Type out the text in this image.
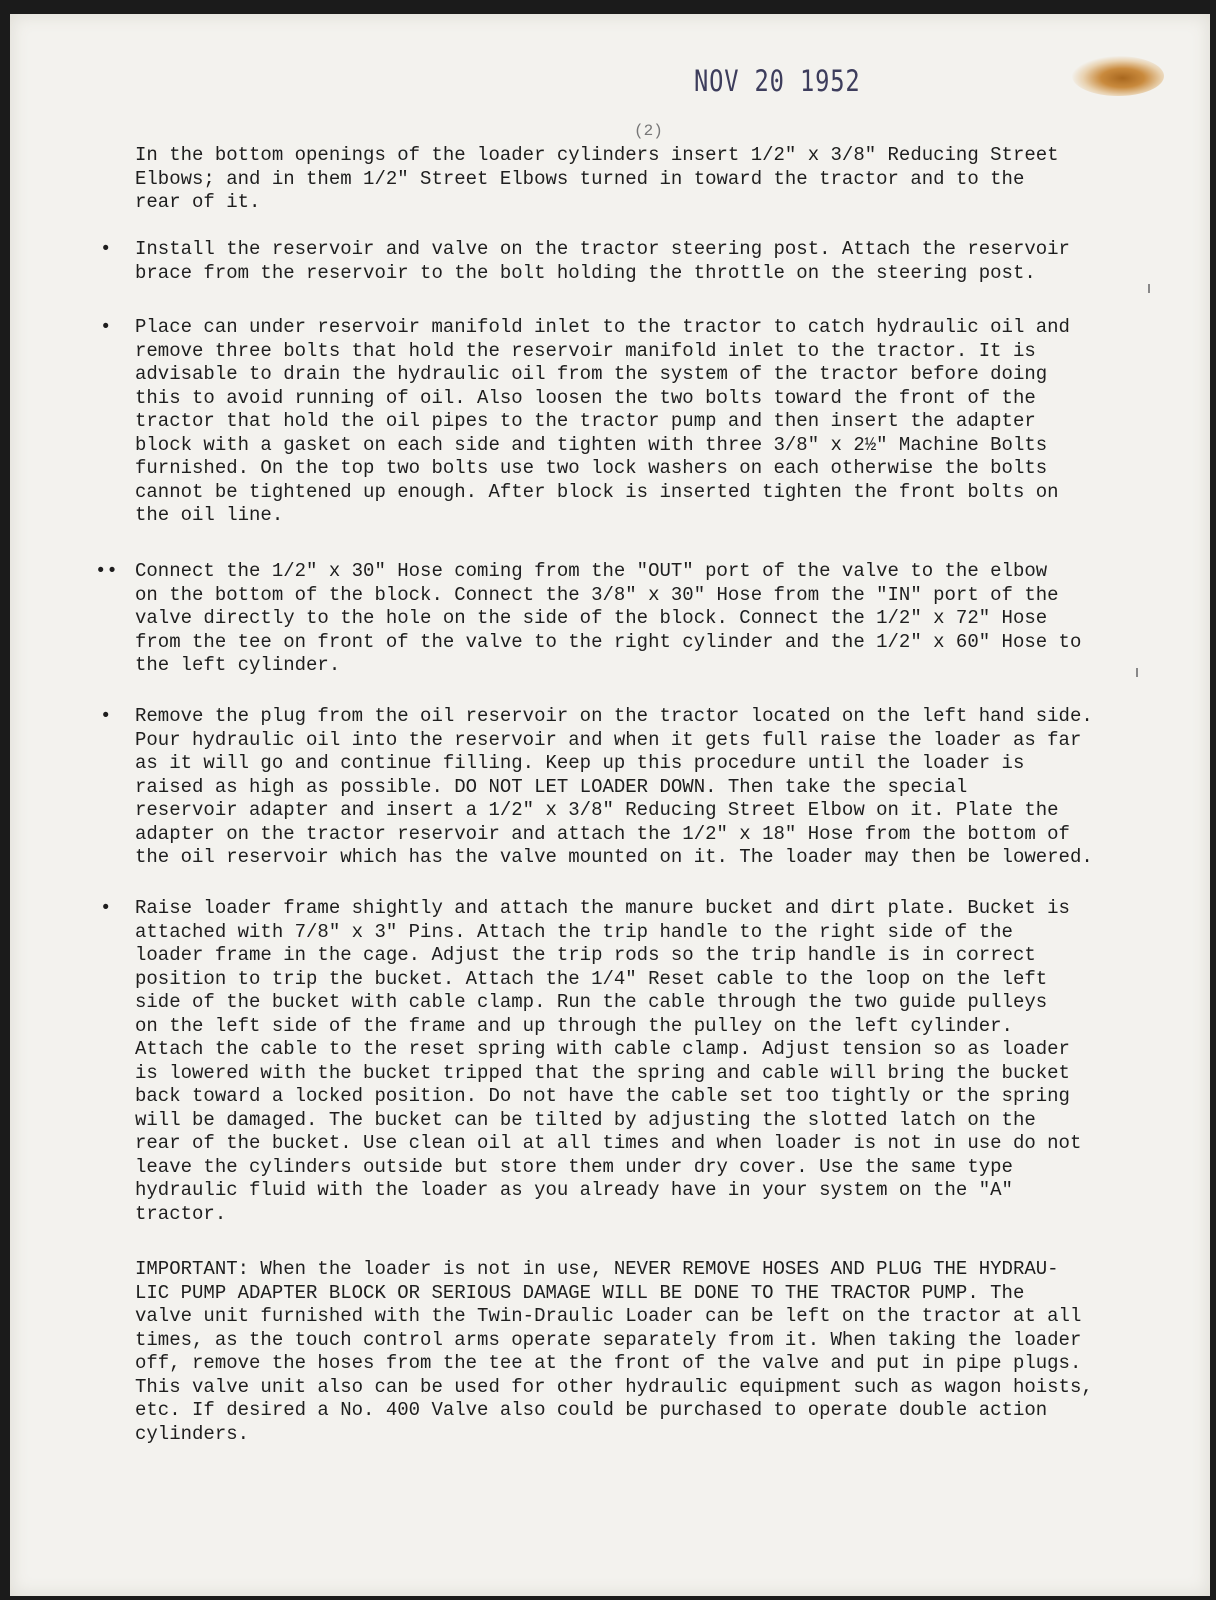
NOV 20 1952
(2)
In the bottom openings of the loader cylinders insert 1/2" x 3/8" Reducing Street
Elbows; and in them 1/2" Street Elbows turned in toward the tractor and to the
rear of it.
• Install the reservoir and valve on the tractor steering post. Attach the reservoir
brace from the reservoir to the bolt holding the throttle on the steering post.
• Place can under reservoir manifold inlet to the tractor to catch hydraulic oil and
remove three bolts that hold the reservoir manifold inlet to the tractor. It is
advisable to drain the hydraulic oil from the system of the tractor before doing
this to avoid running of oil. Also loosen the two bolts toward the front of the
tractor that hold the oil pipes to the tractor pump and then insert the adapter
block with a gasket on each side and tighten with three 3/8" x 2½" Machine Bolts
furnished. On the top two bolts use two lock washers on each otherwise the bolts
cannot be tightened up enough. After block is inserted tighten the front bolts on
the oil line.
•• Connect the 1/2" x 30" Hose coming from the "OUT" port of the valve to the elbow
on the bottom of the block. Connect the 3/8" x 30" Hose from the "IN" port of the
valve directly to the hole on the side of the block. Connect the 1/2" x 72" Hose
from the tee on front of the valve to the right cylinder and the 1/2" x 60" Hose to
the left cylinder.
• Remove the plug from the oil reservoir on the tractor located on the left hand side.
Pour hydraulic oil into the reservoir and when it gets full raise the loader as far
as it will go and continue filling. Keep up this procedure until the loader is
raised as high as possible. DO NOT LET LOADER DOWN. Then take the special
reservoir adapter and insert a 1/2" x 3/8" Reducing Street Elbow on it. Plate the
adapter on the tractor reservoir and attach the 1/2" x 18" Hose from the bottom of
the oil reservoir which has the valve mounted on it. The loader may then be lowered.
• Raise loader frame shightly and attach the manure bucket and dirt plate. Bucket is
attached with 7/8" x 3" Pins. Attach the trip handle to the right side of the
loader frame in the cage. Adjust the trip rods so the trip handle is in correct
position to trip the bucket. Attach the 1/4" Reset cable to the loop on the left
side of the bucket with cable clamp. Run the cable through the two guide pulleys
on the left side of the frame and up through the pulley on the left cylinder.
Attach the cable to the reset spring with cable clamp. Adjust tension so as loader
is lowered with the bucket tripped that the spring and cable will bring the bucket
back toward a locked position. Do not have the cable set too tightly or the spring
will be damaged. The bucket can be tilted by adjusting the slotted latch on the
rear of the bucket. Use clean oil at all times and when loader is not in use do not
leave the cylinders outside but store them under dry cover. Use the same type
hydraulic fluid with the loader as you already have in your system on the "A"
tractor.
IMPORTANT: When the loader is not in use, NEVER REMOVE HOSES AND PLUG THE HYDRAU-
LIC PUMP ADAPTER BLOCK OR SERIOUS DAMAGE WILL BE DONE TO THE TRACTOR PUMP. The
valve unit furnished with the Twin-Draulic Loader can be left on the tractor at all
times, as the touch control arms operate separately from it. When taking the loader
off, remove the hoses from the tee at the front of the valve and put in pipe plugs.
This valve unit also can be used for other hydraulic equipment such as wagon hoists,
etc. If desired a No. 400 Valve also could be purchased to operate double action
cylinders.
